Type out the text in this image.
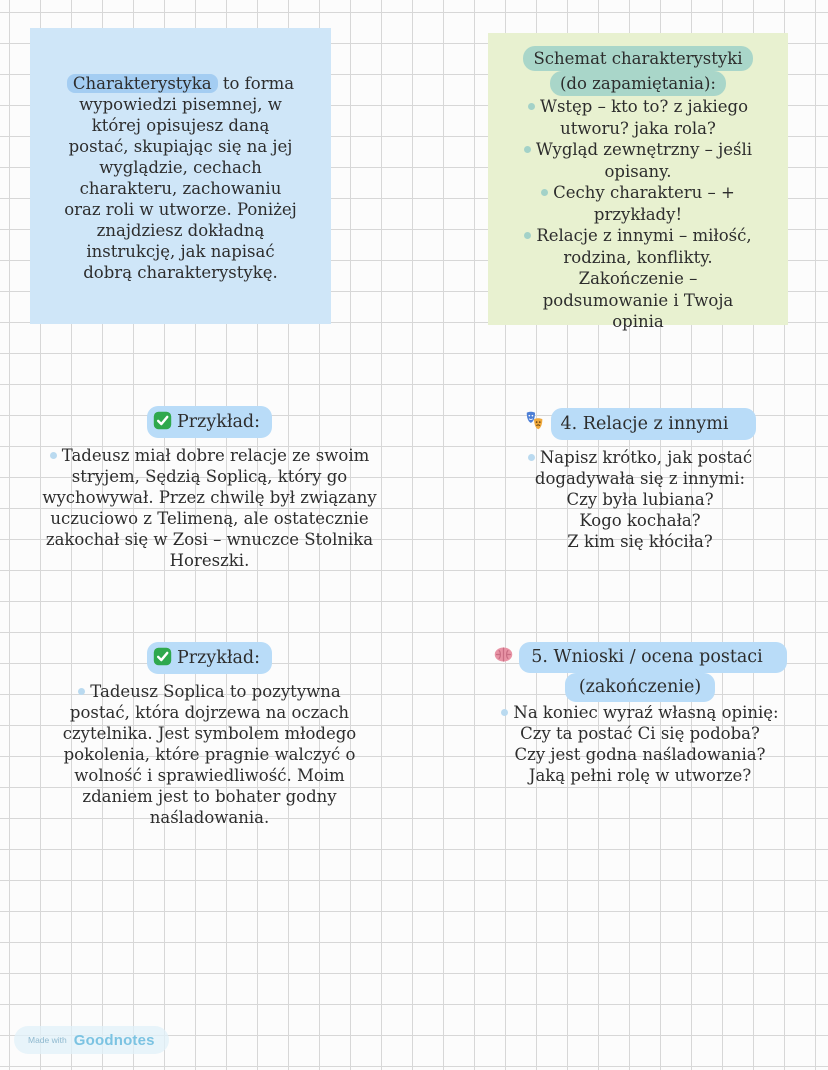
Charakterystyka to forma
wypowiedzi pisemnej, w
której opisujesz daną
postać, skupiając się na jej
wyglądzie, cechach
charakteru, zachowaniu
oraz roli w utworze. Poniżej
znajdziesz dokładną
instrukcję, jak napisać
dobrą charakterystykę.
Schemat charakterystyki
(do zapamiętania):
Wstęp – kto to? z jakiego
utworu? jaka rola?
Wygląd zewnętrzny – jeśli
opisany.
Cechy charakteru – +
przykłady!
Relacje z innymi – miłość,
rodzina, konflikty.
Zakończenie –
podsumowanie i Twoja
opinia
Przykład:
Tadeusz miał dobre relacje ze swoim
stryjem, Sędzią Soplicą, który go
wychowywał. Przez chwilę był związany
uczuciowo z Telimeną, ale ostatecznie
zakochał się w Zosi – wnuczce Stolnika
Horeszki.
4. Relacje z innymi
Napisz krótko, jak postać
dogadywała się z innymi:
Czy była lubiana?
Kogo kochała?
Z kim się kłóciła?
Przykład:
Tadeusz Soplica to pozytywna
postać, która dojrzewa na oczach
czytelnika. Jest symbolem młodego
pokolenia, które pragnie walczyć o
wolność i sprawiedliwość. Moim
zdaniem jest to bohater godny
naśladowania.
5. Wnioski / ocena postaci
(zakończenie)
Na koniec wyraź własną opinię:
Czy ta postać Ci się podoba?
Czy jest godna naśladowania?
Jaką pełni rolę w utworze?
Made with Goodnotes
